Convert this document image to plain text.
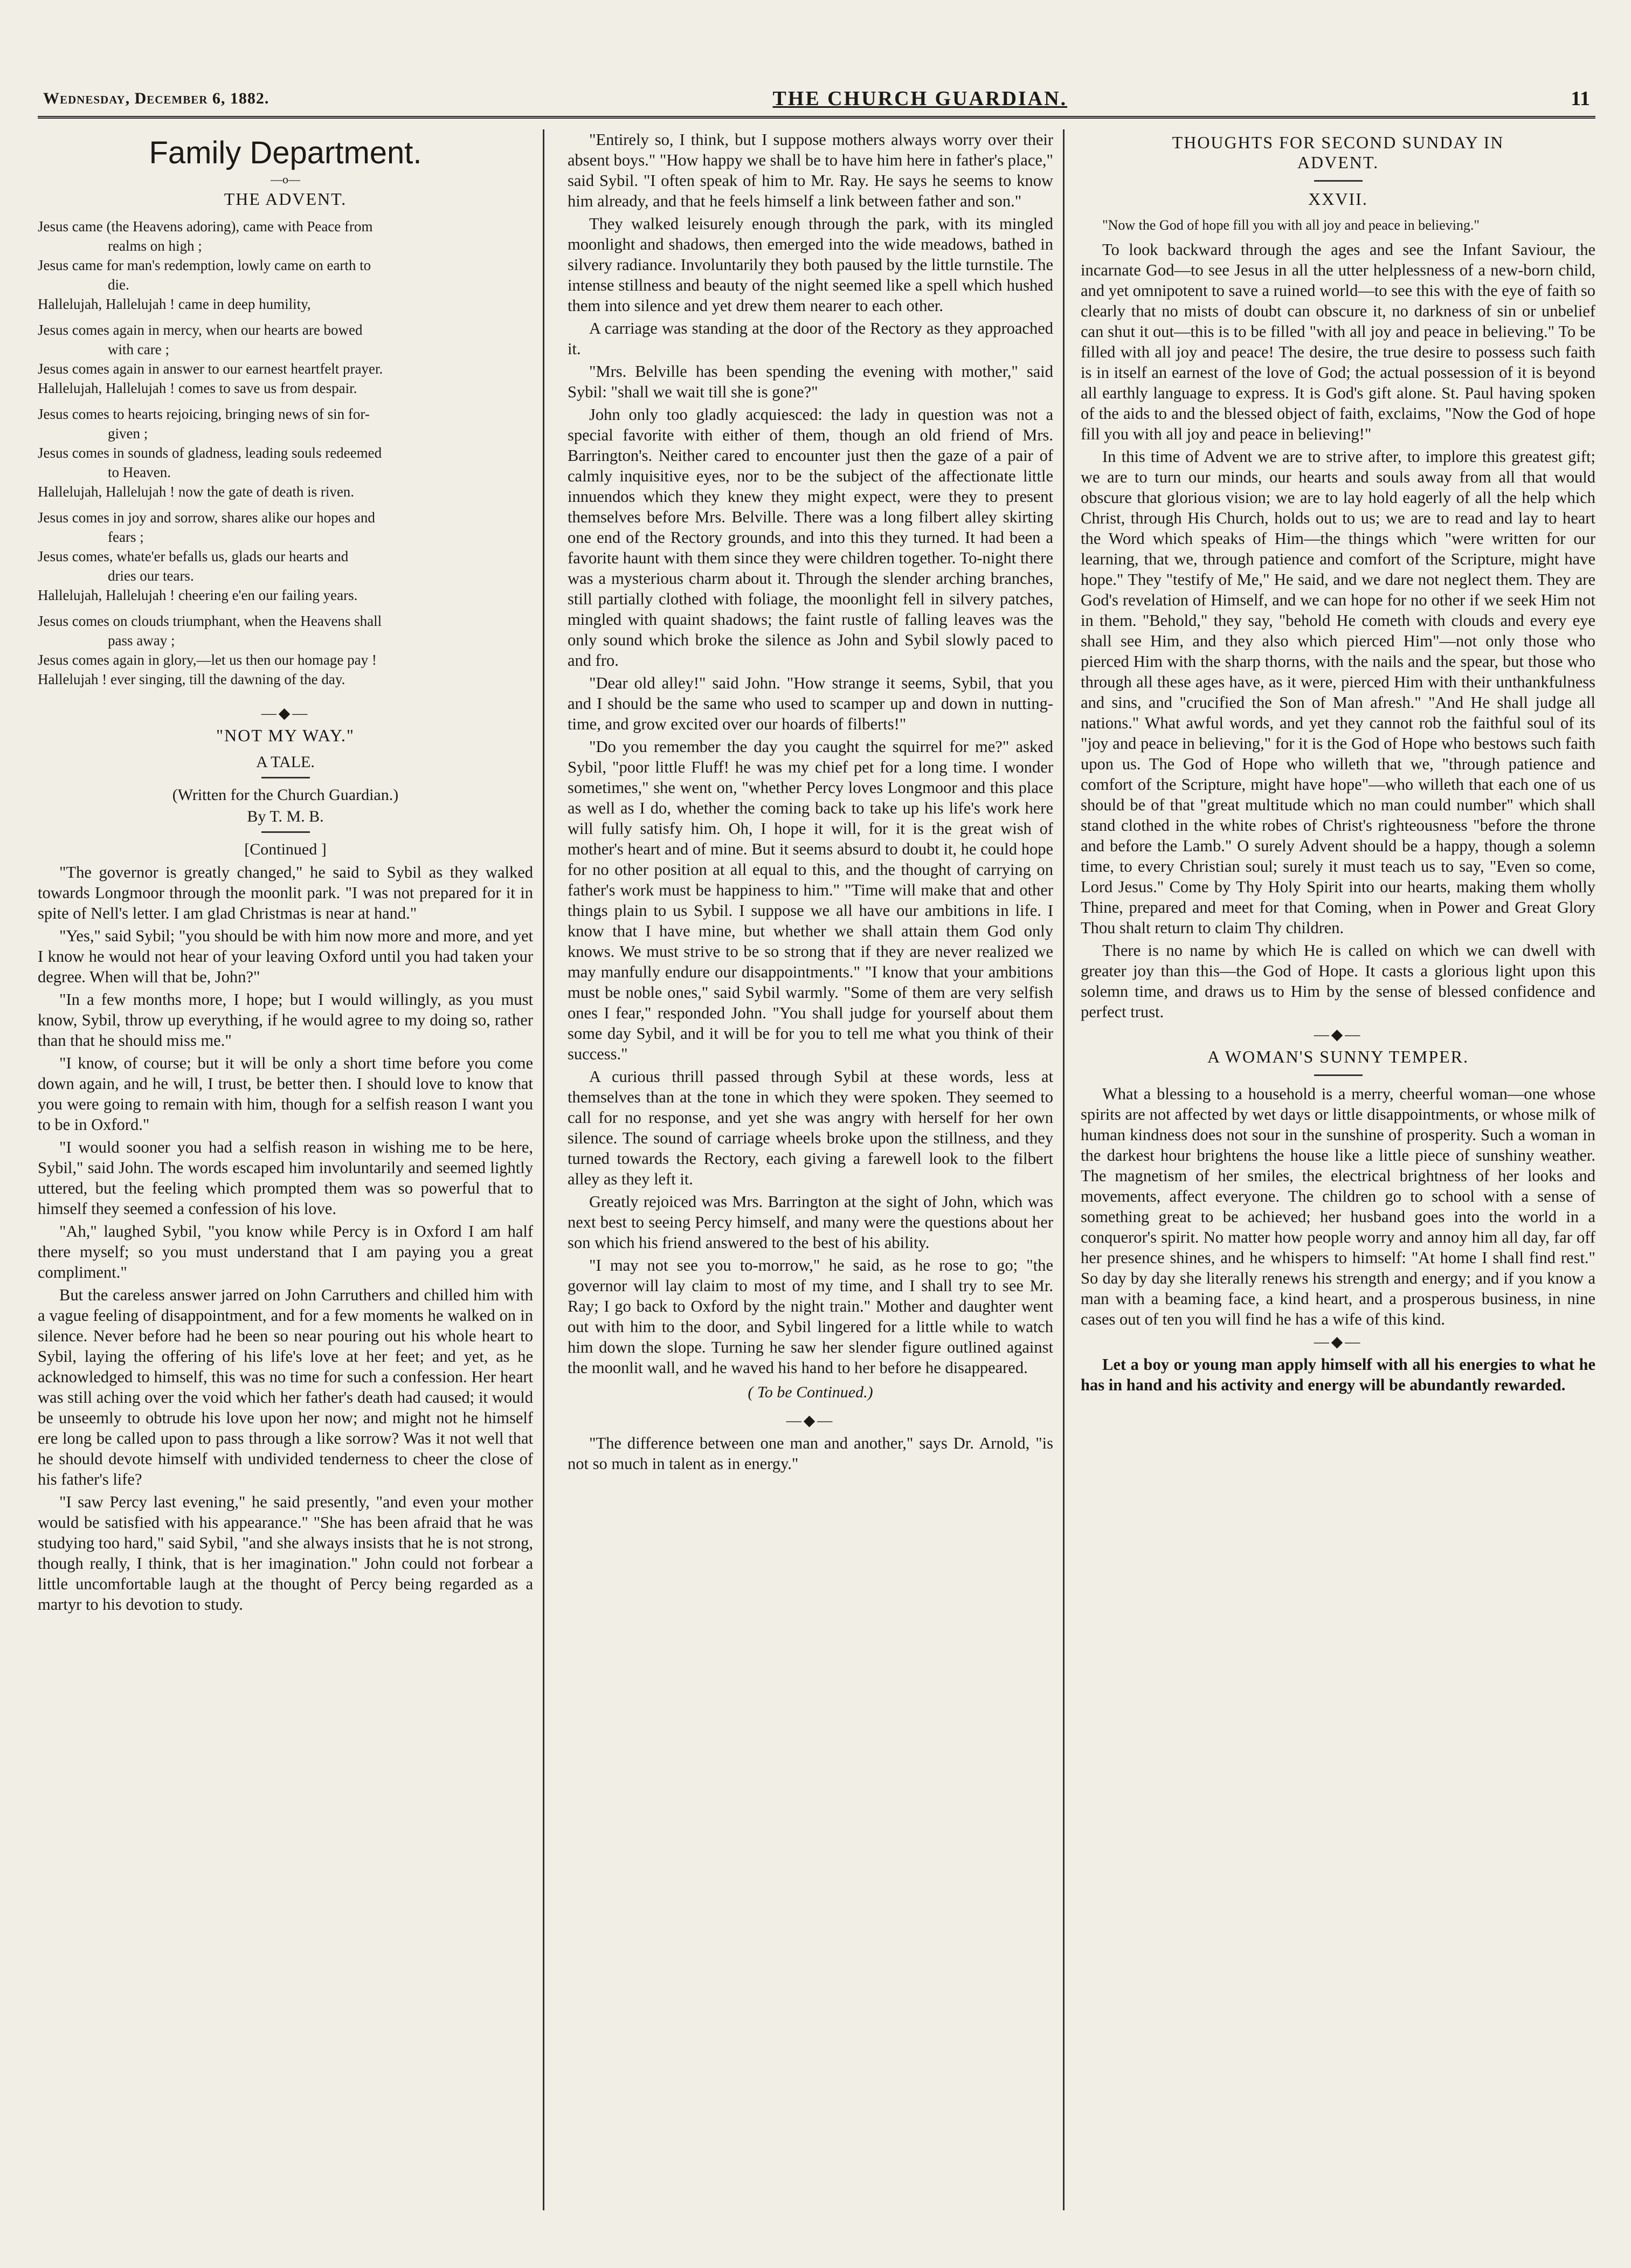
Wednesday, December 6, 1882.	THE CHURCH GUARDIAN.	11
Family Department.
—o—
THE ADVENT.
Jesus came (the Heavens adoring), came with Peace from
realms on high ;
Jesus came for man's redemption, lowly came on earth to
die.
Hallelujah, Hallelujah ! came in deep humility,
Jesus comes again in mercy, when our hearts are bowed
with care ;
Jesus comes again in answer to our earnest heartfelt prayer.
Hallelujah, Hallelujah ! comes to save us from despair.
Jesus comes to hearts rejoicing, bringing news of sin for-
given ;
Jesus comes in sounds of gladness, leading souls redeemed
to Heaven.
Hallelujah, Hallelujah ! now the gate of death is riven.
Jesus comes in joy and sorrow, shares alike our hopes and
fears ;
Jesus comes, whate'er befalls us, glads our hearts and
dries our tears.
Hallelujah, Hallelujah ! cheering e'en our failing years.
Jesus comes on clouds triumphant, when the Heavens shall
pass away ;
Jesus comes again in glory,—let us then our homage pay !
Hallelujah ! ever singing, till the dawning of the day.
—◆—
"NOT MY WAY."
A TALE.
(Written for the Church Guardian.)
By T. M. B.
[Continued ]

"The governor is greatly changed," he said to Sybil as they walked towards Longmoor through the moonlit park. "I was not prepared for it in spite of Nell's letter. I am glad Christmas is near at hand."

"Yes," said Sybil; "you should be with him now more and more, and yet I know he would not hear of your leaving Oxford until you had taken your degree. When will that be, John?"

"In a few months more, I hope; but I would willingly, as you must know, Sybil, throw up everything, if he would agree to my doing so, rather than that he should miss me."

"I know, of course; but it will be only a short time before you come down again, and he will, I trust, be better then. I should love to know that you were going to remain with him, though for a selfish reason I want you to be in Oxford."

"I would sooner you had a selfish reason in wishing me to be here, Sybil," said John. The words escaped him involuntarily and seemed lightly uttered, but the feeling which prompted them was so powerful that to himself they seemed a confession of his love.

"Ah," laughed Sybil, "you know while Percy is in Oxford I am half there myself; so you must understand that I am paying you a great compliment."

But the careless answer jarred on John Carruthers and chilled him with a vague feeling of disappointment, and for a few moments he walked on in silence. Never before had he been so near pouring out his whole heart to Sybil, laying the offering of his life's love at her feet; and yet, as he acknowledged to himself, this was no time for such a confession. Her heart was still aching over the void which her father's death had caused; it would be unseemly to obtrude his love upon her now; and might not he himself ere long be called upon to pass through a like sorrow? Was it not well that he should devote himself with undivided tenderness to cheer the close of his father's life?

"I saw Percy last evening," he said presently, "and even your mother would be satisfied with his appearance." "She has been afraid that he was studying too hard," said Sybil, "and she always insists that he is not strong, though really, I think, that is her imagination." John could not forbear a little uncomfortable laugh at the thought of Percy being regarded as a martyr to his devotion to study.

"Entirely so, I think, but I suppose mothers always worry over their absent boys." "How happy we shall be to have him here in father's place," said Sybil. "I often speak of him to Mr. Ray. He says he seems to know him already, and that he feels himself a link between father and son."

They walked leisurely enough through the park, with its mingled moonlight and shadows, then emerged into the wide meadows, bathed in silvery radiance. Involuntarily they both paused by the little turnstile. The intense stillness and beauty of the night seemed like a spell which hushed them into silence and yet drew them nearer to each other.

A carriage was standing at the door of the Rectory as they approached it.

"Mrs. Belville has been spending the evening with mother," said Sybil: "shall we wait till she is gone?"

John only too gladly acquiesced: the lady in question was not a special favorite with either of them, though an old friend of Mrs. Barrington's. Neither cared to encounter just then the gaze of a pair of calmly inquisitive eyes, nor to be the subject of the affectionate little innuendos which they knew they might expect, were they to present themselves before Mrs. Belville. There was a long filbert alley skirting one end of the Rectory grounds, and into this they turned. It had been a favorite haunt with them since they were children together. To-night there was a mysterious charm about it. Through the slender arching branches, still partially clothed with foliage, the moonlight fell in silvery patches, mingled with quaint shadows; the faint rustle of falling leaves was the only sound which broke the silence as John and Sybil slowly paced to and fro.

"Dear old alley!" said John. "How strange it seems, Sybil, that you and I should be the same who used to scamper up and down in nutting-time, and grow excited over our hoards of filberts!"

"Do you remember the day you caught the squirrel for me?" asked Sybil, "poor little Fluff! he was my chief pet for a long time. I wonder sometimes," she went on, "whether Percy loves Longmoor and this place as well as I do, whether the coming back to take up his life's work here will fully satisfy him. Oh, I hope it will, for it is the great wish of mother's heart and of mine. But it seems absurd to doubt it, he could hope for no other position at all equal to this, and the thought of carrying on father's work must be happiness to him." "Time will make that and other things plain to us Sybil. I suppose we all have our ambitions in life. I know that I have mine, but whether we shall attain them God only knows. We must strive to be so strong that if they are never realized we may manfully endure our disappointments." "I know that your ambitions must be noble ones," said Sybil warmly. "Some of them are very selfish ones I fear," responded John. "You shall judge for yourself about them some day Sybil, and it will be for you to tell me what you think of their success."

A curious thrill passed through Sybil at these words, less at themselves than at the tone in which they were spoken. They seemed to call for no response, and yet she was angry with herself for her own silence. The sound of carriage wheels broke upon the stillness, and they turned towards the Rectory, each giving a farewell look to the filbert alley as they left it.

Greatly rejoiced was Mrs. Barrington at the sight of John, which was next best to seeing Percy himself, and many were the questions about her son which his friend answered to the best of his ability.

"I may not see you to-morrow," he said, as he rose to go; "the governor will lay claim to most of my time, and I shall try to see Mr. Ray; I go back to Oxford by the night train." Mother and daughter went out with him to the door, and Sybil lingered for a little while to watch him down the slope. Turning he saw her slender figure outlined against the moonlit wall, and he waved his hand to her before he disappeared.

( To be Continued.)
—◆—

"The difference between one man and another," says Dr. Arnold, "is not so much in talent as in energy."

THOUGHTS FOR SECOND SUNDAY IN
ADVENT.
XXVII.
"Now the God of hope fill you with all joy and peace in believing."

To look backward through the ages and see the Infant Saviour, the incarnate God—to see Jesus in all the utter helplessness of a new-born child, and yet omnipotent to save a ruined world—to see this with the eye of faith so clearly that no mists of doubt can obscure it, no darkness of sin or unbelief can shut it out—this is to be filled "with all joy and peace in believing." To be filled with all joy and peace! The desire, the true desire to possess such faith is in itself an earnest of the love of God; the actual possession of it is beyond all earthly language to express. It is God's gift alone. St. Paul having spoken of the aids to and the blessed object of faith, exclaims, "Now the God of hope fill you with all joy and peace in believing!"

In this time of Advent we are to strive after, to implore this greatest gift; we are to turn our minds, our hearts and souls away from all that would obscure that glorious vision; we are to lay hold eagerly of all the help which Christ, through His Church, holds out to us; we are to read and lay to heart the Word which speaks of Him—the things which "were written for our learning, that we, through patience and comfort of the Scripture, might have hope." They "testify of Me," He said, and we dare not neglect them. They are God's revelation of Himself, and we can hope for no other if we seek Him not in them. "Behold," they say, "behold He cometh with clouds and every eye shall see Him, and they also which pierced Him"—not only those who pierced Him with the sharp thorns, with the nails and the spear, but those who through all these ages have, as it were, pierced Him with their unthankfulness and sins, and "crucified the Son of Man afresh." "And He shall judge all nations." What awful words, and yet they cannot rob the faithful soul of its "joy and peace in believing," for it is the God of Hope who bestows such faith upon us. The God of Hope who willeth that we, "through patience and comfort of the Scripture, might have hope"—who willeth that each one of us should be of that "great multitude which no man could number" which shall stand clothed in the white robes of Christ's righteousness "before the throne and before the Lamb." O surely Advent should be a happy, though a solemn time, to every Christian soul; surely it must teach us to say, "Even so come, Lord Jesus." Come by Thy Holy Spirit into our hearts, making them wholly Thine, prepared and meet for that Coming, when in Power and Great Glory Thou shalt return to claim Thy children.

There is no name by which He is called on which we can dwell with greater joy than this—the God of Hope. It casts a glorious light upon this solemn time, and draws us to Him by the sense of blessed confidence and perfect trust.

—◆—
A WOMAN'S SUNNY TEMPER.

What a blessing to a household is a merry, cheerful woman—one whose spirits are not affected by wet days or little disappointments, or whose milk of human kindness does not sour in the sunshine of prosperity. Such a woman in the darkest hour brightens the house like a little piece of sunshiny weather. The magnetism of her smiles, the electrical brightness of her looks and movements, affect everyone. The children go to school with a sense of something great to be achieved; her husband goes into the world in a conqueror's spirit. No matter how people worry and annoy him all day, far off her presence shines, and he whispers to himself: "At home I shall find rest." So day by day she literally renews his strength and energy; and if you know a man with a beaming face, a kind heart, and a prosperous business, in nine cases out of ten you will find he has a wife of this kind.

—◆—

Let a boy or young man apply himself with all his energies to what he has in hand and his activity and energy will be abundantly rewarded.
